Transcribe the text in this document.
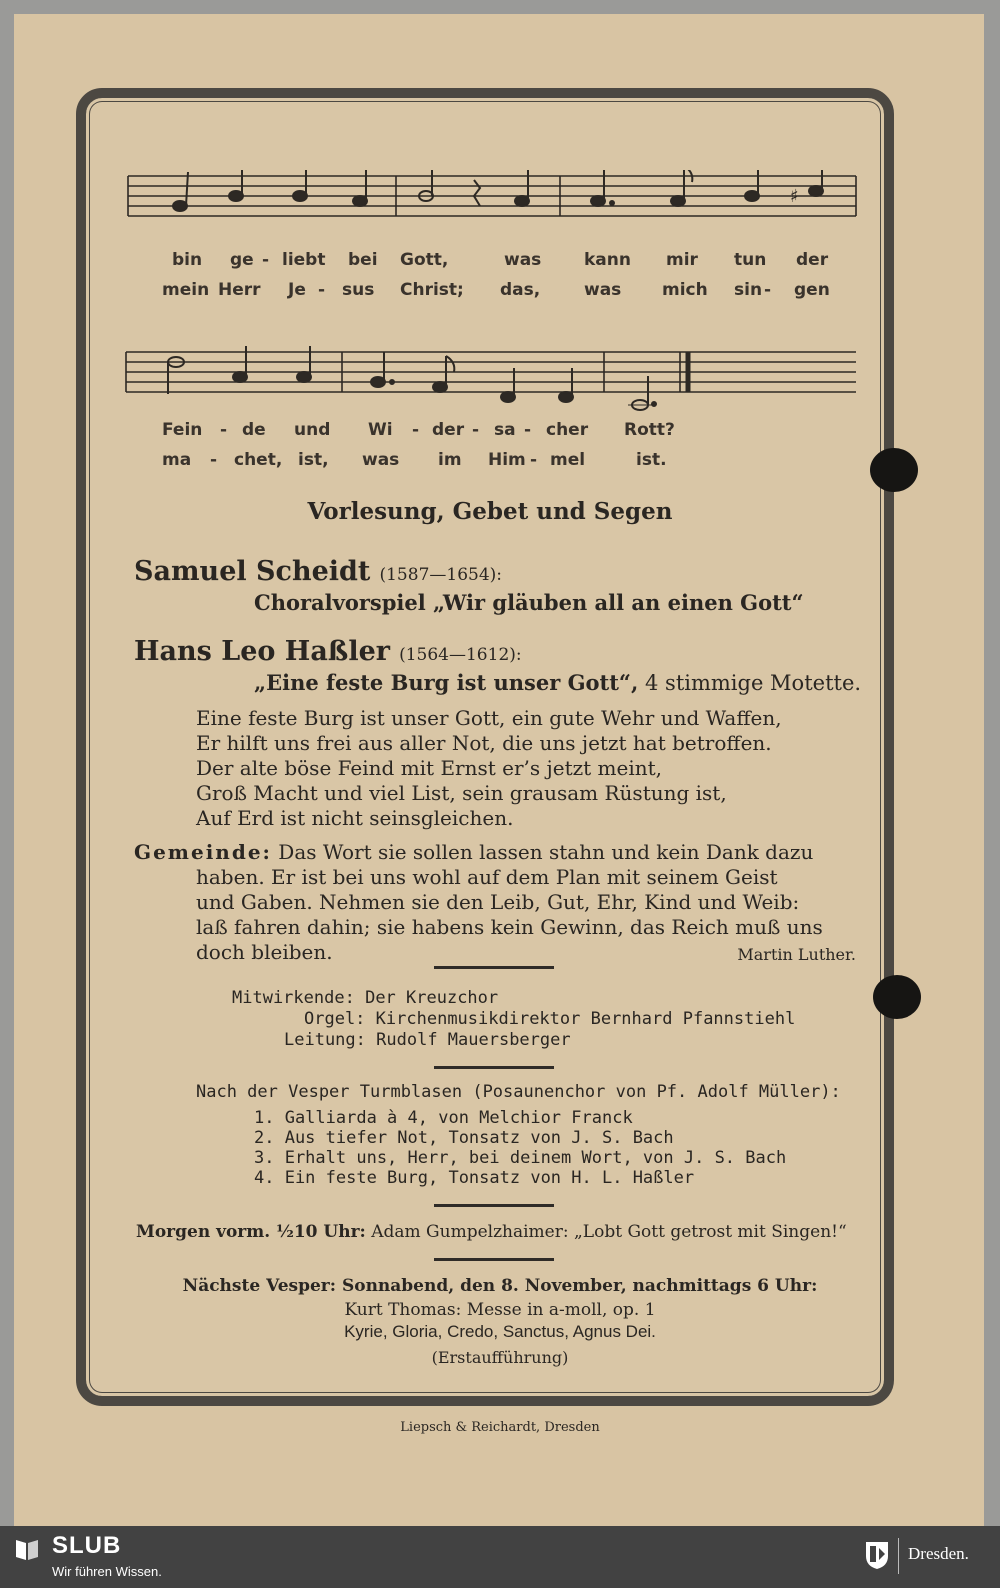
♯
bin ge - liebt bei Gott,	was	kann mir tun der
mein Herr Je - sus Christ; das,	was mich sin - gen
Fein - de und Wi - der - sa - cher Rott?
ma - chet, ist, was im Him - mel	ist.
Vorlesung, Gebet und Segen
Samuel Scheidt (1587—1654):
Choralvorspiel „Wir gläuben all an einen Gott“
Hans Leo Haßler (1564—1612):
„Eine feste Burg ist unser Gott“, 4 stimmige Motette.
Eine feste Burg ist unser Gott, ein gute Wehr und Waffen,
Er hilft uns frei aus aller Not, die uns jetzt hat betroffen.
Der alte böse Feind mit Ernst er’s jetzt meint,
Groß Macht und viel List, sein grausam Rüstung ist,
Auf Erd ist nicht seinsgleichen.
Gemeinde: Das Wort sie sollen lassen stahn und kein Dank dazu
haben. Er ist bei uns wohl auf dem Plan mit seinem Geist
und Gaben. Nehmen sie den Leib, Gut, Ehr, Kind und Weib:
laß fahren dahin; sie habens kein Gewinn, das Reich muß uns
doch bleiben.	Martin Luther.
Mitwirkende: Der Kreuzchor
Orgel: Kirchenmusikdirektor Bernhard Pfannstiehl
Leitung: Rudolf Mauersberger
Nach der Vesper Turmblasen (Posaunenchor von Pf. Adolf Müller):
1. Galliarda à 4, von Melchior Franck
2. Aus tiefer Not, Tonsatz von J. S. Bach
3. Erhalt uns, Herr, bei deinem Wort, von J. S. Bach
4. Ein feste Burg, Tonsatz von H. L. Haßler
Morgen vorm. ½10 Uhr: Adam Gumpelzhaimer: „Lobt Gott getrost mit Singen!“
Nächste Vesper: Sonnabend, den 8. November, nachmittags 6 Uhr:
Kurt Thomas: Messe in a-moll, op. 1
Kyrie, Gloria, Credo, Sanctus, Agnus Dei.
(Erstaufführung)
Liepsch & Reichardt, Dresden
SLUB
Wir führen Wissen.
Dresden.
